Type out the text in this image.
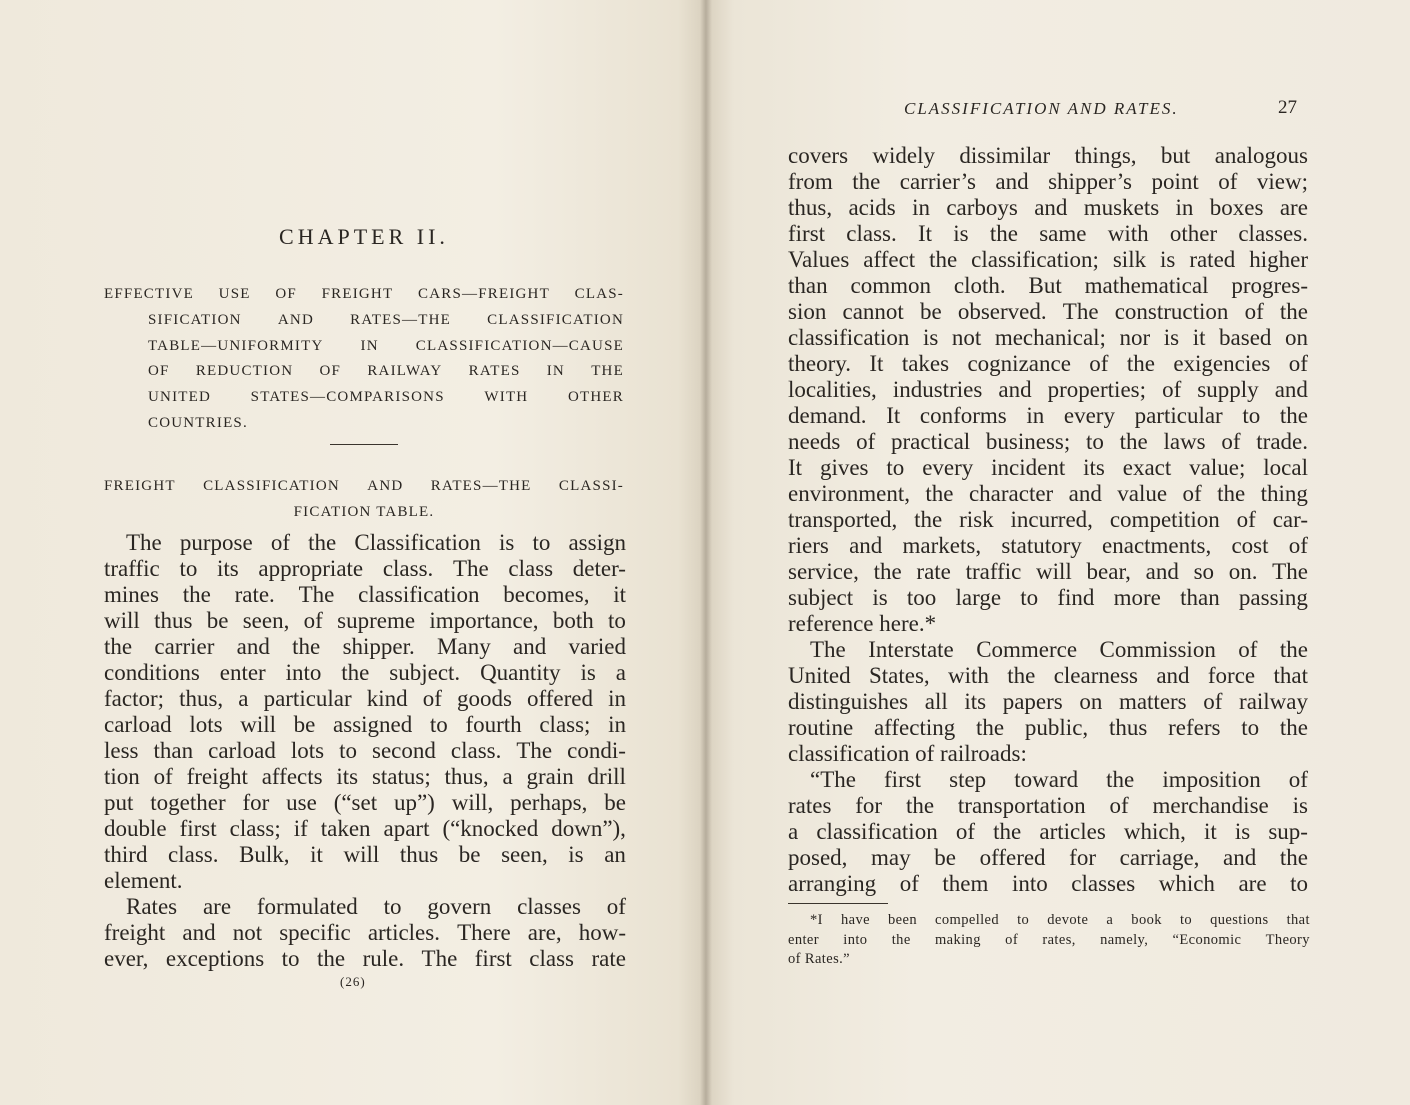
CHAPTER II.
EFFECTIVE USE OF FREIGHT CARS—FREIGHT CLAS-
SIFICATION AND RATES—THE CLASSIFICATION
TABLE—UNIFORMITY IN CLASSIFICATION—CAUSE
OF REDUCTION OF RAILWAY RATES IN THE
UNITED	STATES—COMPARISONS	WITH	OTHER
COUNTRIES.
FREIGHT CLASSIFICATION AND RATES—THE CLASSI-
FICATION TABLE.
The purpose of the Classification is to assign
traffic to its appropriate class. The class deter-
mines the rate. The classification becomes, it
will thus be seen, of supreme importance, both to
the carrier and the shipper. Many and varied
conditions enter into the subject. Quantity is a
factor; thus, a particular kind of goods offered in
carload lots will be assigned to fourth class; in
less than carload lots to second class. The condi-
tion of freight affects its status; thus, a grain drill
put together for use (“set up”) will, perhaps, be
double first class; if taken apart (“knocked down”),
third class. Bulk, it will thus be seen, is an
element.
Rates are formulated to govern classes of
freight and not specific articles. There are, how-
ever, exceptions to the rule. The first class rate
(26)
CLASSIFICATION AND RATES.	27
covers widely dissimilar things, but analogous
from the carrier’s and shipper’s point of view;
thus, acids in carboys and muskets in boxes are
first class. It is the same with other classes.
Values affect the classification; silk is rated higher
than common cloth. But mathematical progres-
sion cannot be observed. The construction of the
classification is not mechanical; nor is it based on
theory. It takes cognizance of the exigencies of
localities, industries and properties; of supply and
demand. It conforms in every particular to the
needs of practical business; to the laws of trade.
It gives to every incident its exact value; local
environment, the character and value of the thing
transported, the risk incurred, competition of car-
riers and markets, statutory enactments, cost of
service, the rate traffic will bear, and so on. The
subject is too large to find more than passing
reference here.*
The Interstate Commerce Commission of the
United States, with the clearness and force that
distinguishes all its papers on matters of railway
routine affecting the public, thus refers to the
classification of railroads:
“The first step toward the imposition of
rates for the transportation of merchandise is
a classification of the articles which, it is sup-
posed, may be offered for carriage, and the
arranging of them into classes which are to
*I have been compelled to devote a book to questions that
enter into the making of rates, namely, “Economic Theory
of Rates.”
